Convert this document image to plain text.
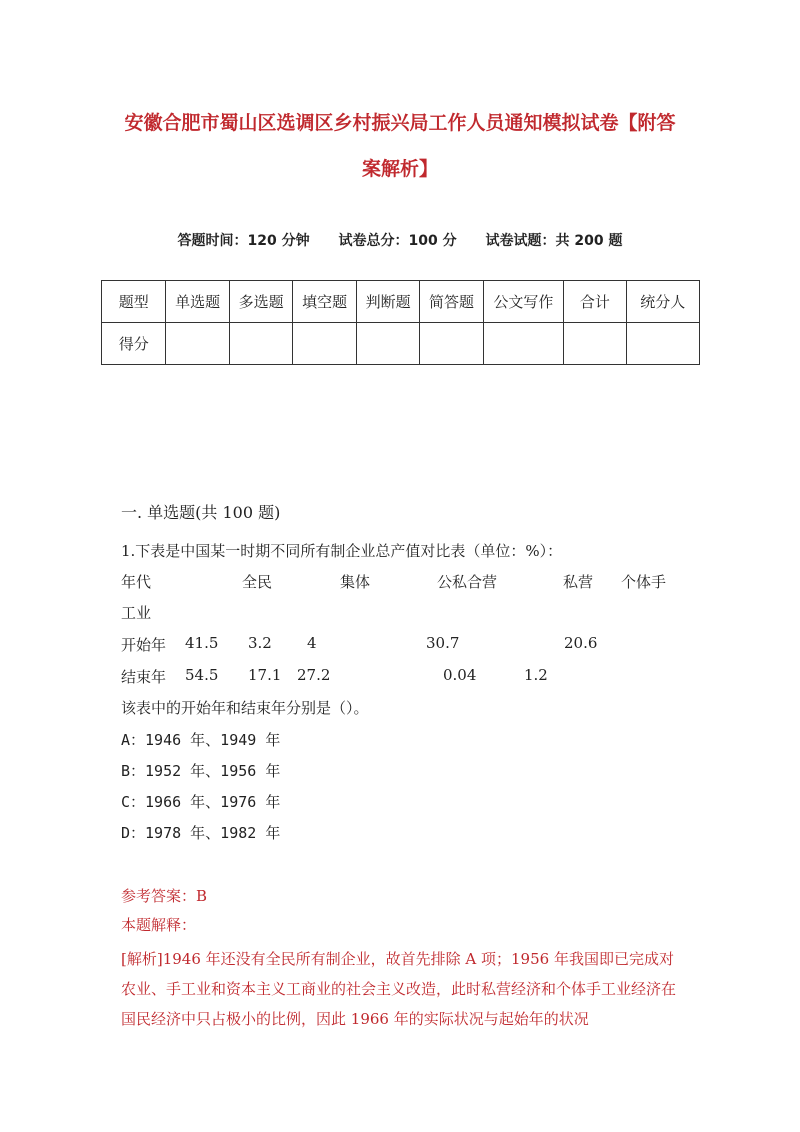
安徽合肥市蜀山区选调区乡村振兴局工作人员通知模拟试卷【附答
案解析】
答题时间：120 分钟 试卷总分：100 分 试卷试题：共 200 题
题型	单选题	多选题	填空题	判断题	简答题	公文写作	合计	统分人
得分								
一. 单选题(共 100 题)
1.下表是中国某一时期不同所有制企业总产值对比表（单位：%）：
年代	全民	集体	公私合营	私营 个体手
工业
开始年 41.5 3.2 4	30.7	20.6
结束年 54.5 17.1 27.2	0.04	1.2
该表中的开始年和结束年分别是（）。
A：1946 年、1949 年
B：1952 年、1956 年
C：1966 年、1976 年
D：1978 年、1982 年
参考答案：B
本题解释：
[解析]1946 年还没有全民所有制企业，故首先排除 A 项；1956 年我国即已完成对农业、手工业和资本主义工商业的社会主义改造，此时私营经济和个体手工业经济在国民经济中只占极小的比例，因此 1966 年的实际状况与起始年的状况
